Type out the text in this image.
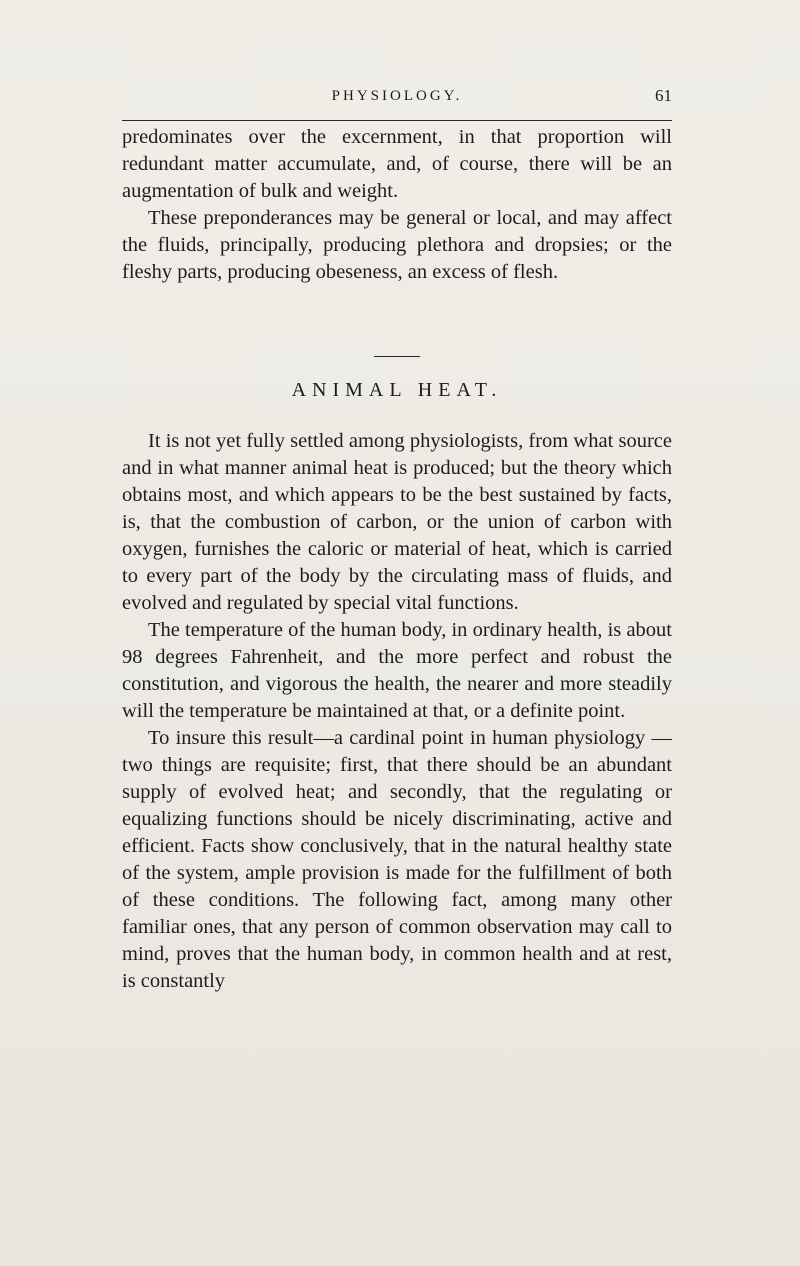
PHYSIOLOGY.	61

predominates over the excernment, in that proportion will redundant matter accumulate, and, of course, there will be an augmentation of bulk and weight.

These preponderances may be general or local, and may affect the fluids, principally, producing plethora and dropsies; or the fleshy parts, producing obeseness, an excess of flesh.

ANIMAL HEAT.

It is not yet fully settled among physiologists, from what source and in what manner animal heat is produced; but the theory which obtains most, and which appears to be the best sustained by facts, is, that the combustion of carbon, or the union of carbon with oxygen, furnishes the caloric or material of heat, which is carried to every part of the body by the circulating mass of fluids, and evolved and regulated by special vital functions.

The temperature of the human body, in ordinary health, is about 98 degrees Fahrenheit, and the more perfect and robust the constitution, and vigorous the health, the nearer and more steadily will the temperature be maintained at that, or a definite point.

To insure this result—a cardinal point in human physiology —two things are requisite; first, that there should be an abundant supply of evolved heat; and secondly, that the regulating or equalizing functions should be nicely discriminating, active and efficient. Facts show conclusively, that in the natural healthy state of the system, ample provision is made for the fulfillment of both of these conditions. The following fact, among many other familiar ones, that any person of common observation may call to mind, proves that the human body, in common health and at rest, is constantly
